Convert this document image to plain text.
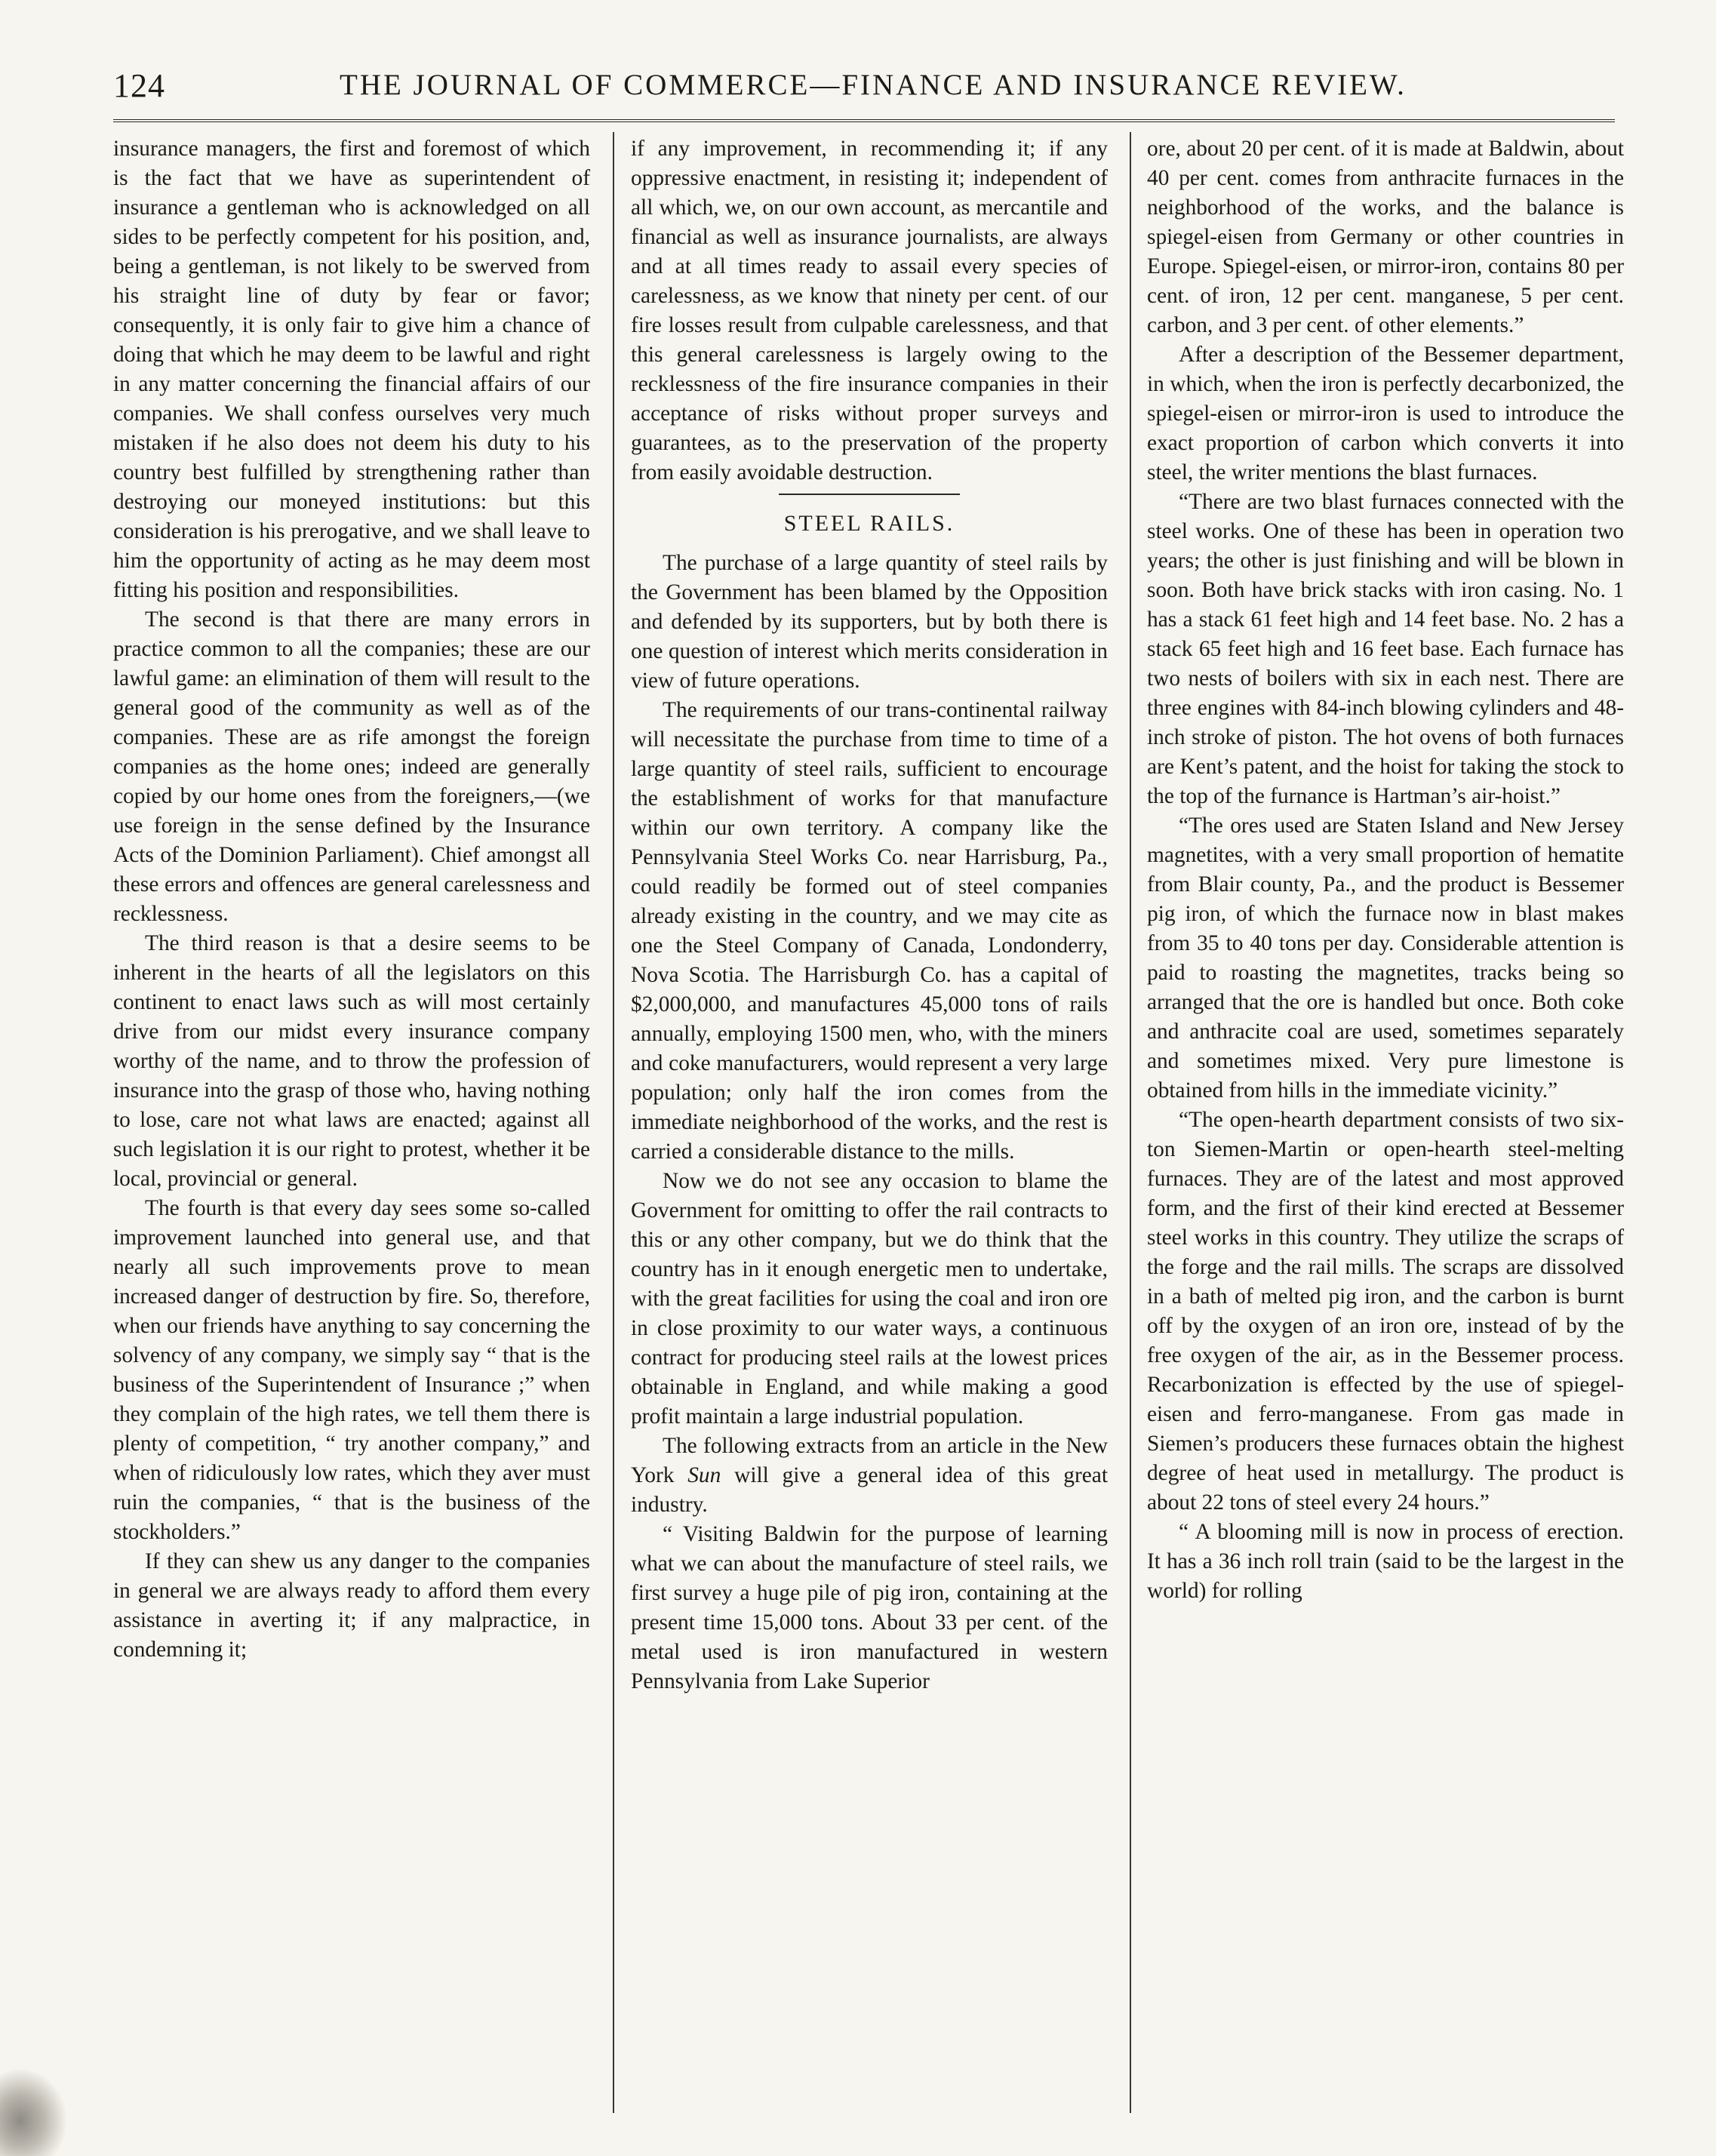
124	THE JOURNAL OF COMMERCE—FINANCE AND INSURANCE REVIEW.

insurance managers, the first and foremost of which is the fact that we have as superintendent of insurance a gentleman who is acknowledged on all sides to be perfectly competent for his position, and, being a gentleman, is not likely to be swerved from his straight line of duty by fear or favor; consequently, it is only fair to give him a chance of doing that which he may deem to be lawful and right in any matter concerning the financial affairs of our companies. We shall confess ourselves very much mistaken if he also does not deem his duty to his country best fulfilled by strengthening rather than destroying our moneyed institutions: but this consideration is his prerogative, and we shall leave to him the opportunity of acting as he may deem most fitting his position and responsibilities.

The second is that there are many errors in practice common to all the companies; these are our lawful game: an elimination of them will result to the general good of the community as well as of the companies. These are as rife amongst the foreign companies as the home ones; indeed are generally copied by our home ones from the foreigners,—(we use foreign in the sense defined by the Insurance Acts of the Dominion Parliament). Chief amongst all these errors and offences are general carelessness and recklessness.

The third reason is that a desire seems to be inherent in the hearts of all the legislators on this continent to enact laws such as will most certainly drive from our midst every insurance company worthy of the name, and to throw the profession of insurance into the grasp of those who, having nothing to lose, care not what laws are enacted; against all such legislation it is our right to protest, whether it be local, provincial or general.

The fourth is that every day sees some so-called improvement launched into general use, and that nearly all such improvements prove to mean increased danger of destruction by fire. So, therefore, when our friends have anything to say concerning the solvency of any company, we simply say “ that is the business of the Superintendent of Insurance ;” when they complain of the high rates, we tell them there is plenty of competition, “ try another company,” and when of ridiculously low rates, which they aver must ruin the companies, “ that is the business of the stockholders.”

If they can shew us any danger to the companies in general we are always ready to afford them every assistance in averting it; if any malpractice, in condemning it;

if any improvement, in recommending it; if any oppressive enactment, in resisting it; independent of all which, we, on our own account, as mercantile and financial as well as insurance journalists, are always and at all times ready to assail every species of carelessness, as we know that ninety per cent. of our fire losses result from culpable carelessness, and that this general carelessness is largely owing to the recklessness of the fire insurance companies in their acceptance of risks without proper surveys and guarantees, as to the preservation of the property from easily avoidable destruction.

STEEL RAILS.

The purchase of a large quantity of steel rails by the Government has been blamed by the Opposition and defended by its supporters, but by both there is one question of interest which merits consideration in view of future operations.

The requirements of our trans-continental railway will necessitate the purchase from time to time of a large quantity of steel rails, sufficient to encourage the establishment of works for that manufacture within our own territory. A company like the Pennsylvania Steel Works Co. near Harrisburg, Pa., could readily be formed out of steel companies already existing in the country, and we may cite as one the Steel Company of Canada, Londonderry, Nova Scotia. The Harrisburgh Co. has a capital of $2,000,000, and manufactures 45,000 tons of rails annually, employing 1500 men, who, with the miners and coke manufacturers, would represent a very large population; only half the iron comes from the immediate neighborhood of the works, and the rest is carried a considerable distance to the mills.

Now we do not see any occasion to blame the Government for omitting to offer the rail contracts to this or any other company, but we do think that the country has in it enough energetic men to undertake, with the great facilities for using the coal and iron ore in close proximity to our water ways, a continuous contract for producing steel rails at the lowest prices obtainable in England, and while making a good profit maintain a large industrial population.

The following extracts from an article in the New York Sun will give a general idea of this great industry.

“ Visiting Baldwin for the purpose of learning what we can about the manufacture of steel rails, we first survey a huge pile of pig iron, containing at the present time 15,000 tons. About 33 per cent. of the metal used is iron manufactured in western Pennsylvania from Lake Superior

ore, about 20 per cent. of it is made at Baldwin, about 40 per cent. comes from anthracite furnaces in the neighborhood of the works, and the balance is spiegel-eisen from Germany or other countries in Europe. Spiegel-eisen, or mirror-iron, contains 80 per cent. of iron, 12 per cent. manganese, 5 per cent. carbon, and 3 per cent. of other elements.”

After a description of the Bessemer department, in which, when the iron is perfectly decarbonized, the spiegel-eisen or mirror-iron is used to introduce the exact proportion of carbon which converts it into steel, the writer mentions the blast furnaces.

“There are two blast furnaces connected with the steel works. One of these has been in operation two years; the other is just finishing and will be blown in soon. Both have brick stacks with iron casing. No. 1 has a stack 61 feet high and 14 feet base. No. 2 has a stack 65 feet high and 16 feet base. Each furnace has two nests of boilers with six in each nest. There are three engines with 84-inch blowing cylinders and 48-inch stroke of piston. The hot ovens of both furnaces are Kent’s patent, and the hoist for taking the stock to the top of the furnance is Hartman’s air-hoist.”

“The ores used are Staten Island and New Jersey magnetites, with a very small proportion of hematite from Blair county, Pa., and the product is Bessemer pig iron, of which the furnace now in blast makes from 35 to 40 tons per day. Considerable attention is paid to roasting the magnetites, tracks being so arranged that the ore is handled but once. Both coke and anthracite coal are used, sometimes separately and sometimes mixed. Very pure limestone is obtained from hills in the immediate vicinity.”

“The open-hearth department consists of two six-ton Siemen-Martin or open-hearth steel-melting furnaces. They are of the latest and most approved form, and the first of their kind erected at Bessemer steel works in this country. They utilize the scraps of the forge and the rail mills. The scraps are dissolved in a bath of melted pig iron, and the carbon is burnt off by the oxygen of an iron ore, instead of by the free oxygen of the air, as in the Bessemer process. Recarbonization is effected by the use of spiegel-eisen and ferro-manganese. From gas made in Siemen’s producers these furnaces obtain the highest degree of heat used in metallurgy. The product is about 22 tons of steel every 24 hours.”

“ A blooming mill is now in process of erection. It has a 36 inch roll train (said to be the largest in the world) for rolling
